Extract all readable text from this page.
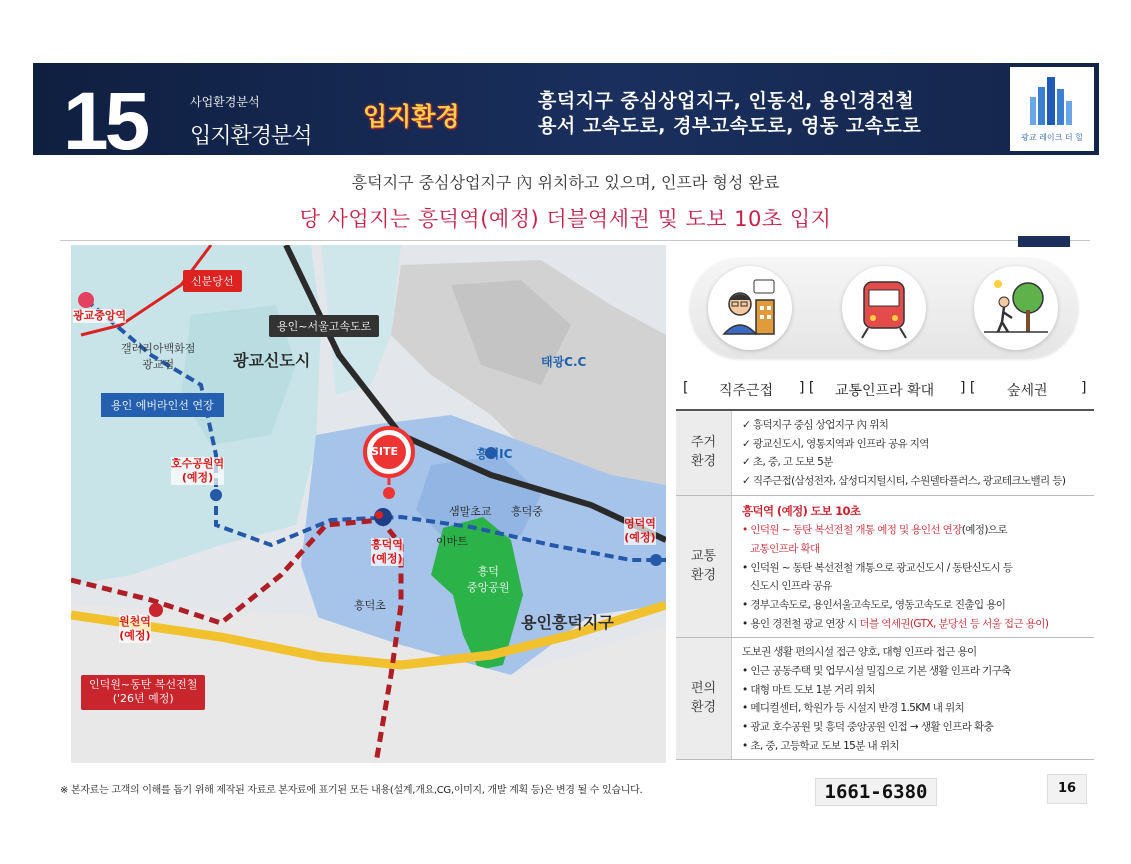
15	사업환경분석
입지환경분석
입지환경
흥덕지구 중심상업지구, 인동선, 용인경전철
용서 고속도로, 경부고속도로, 영동 고속도로
광교 레이크 더 힐
흥덕지구 중심상업지구 內 위치하고 있으며, 인프라 형성 완료
당 사업지는 흥덕역(예정) 더블역세권 및 도보 10초 입지
광교신도시
용인흥덕지구
SITE
신분당선
용인~서울고속도로
용인 에버라인선 연장
인덕원~동탄 복선전철
('26년 예정)
광교중앙역
호수공원역
(예정)
흥덕역
(예정)
원천역
(예정)
영덕역
(예정)
흥덕IC
태광C.C
갤러리아백화점
광교점
흥덕
중앙공원
샘말초교 흥덕중
흥덕초
이마트
[ 직주근접 ] [ 교통인프라 확대 ] [ 숲세권 ]
주거
환경
✓ 흥덕지구 중심 상업지구 內 위치
✓ 광교신도시, 영통지역과 인프라 공유 지역
✓ 초, 중, 고 도보 5분
✓ 직주근접(삼성전자, 삼성디지털시티, 수원델타플러스, 광교테크노밸리 등)
교통
환경
흥덕역 (예정) 도보 10초
• 인덕원 ~ 동탄 복선전철 개통 예정 및 용인선 연장(예정)으로
교통인프라 확대
• 인덕원 ~ 동탄 복선전철 개통으로 광교신도시 / 동탄신도시 등
신도시 인프라 공유
• 경부고속도로, 용인서울고속도로, 영동고속도로 진출입 용이
• 용인 경전철 광교 연장 시 더블 역세권(GTX, 분당선 등 서울 접근 용이)
편의
환경
도보권 생활 편의시설 접근 양호, 대형 인프라 접근 용이
• 인근 공동주택 및 업무시설 밀집으로 기본 생활 인프라 기구축
• 대형 마트 도보 1분 거리 위치
• 메디컬센터, 학원가 등 시설지 반경 1.5KM 내 위치
• 광교 호수공원 및 흥덕 중앙공원 인접 → 생활 인프라 확충
• 초, 중, 고등학교 도보 15분 내 위치
※ 본자료는 고객의 이해를 돕기 위해 제작된 자료로 본자료에 표기된 모든 내용(설계,개요,CG,이미지, 개발 계획 등)은 변경 될 수 있습니다.	1661-6380	16
